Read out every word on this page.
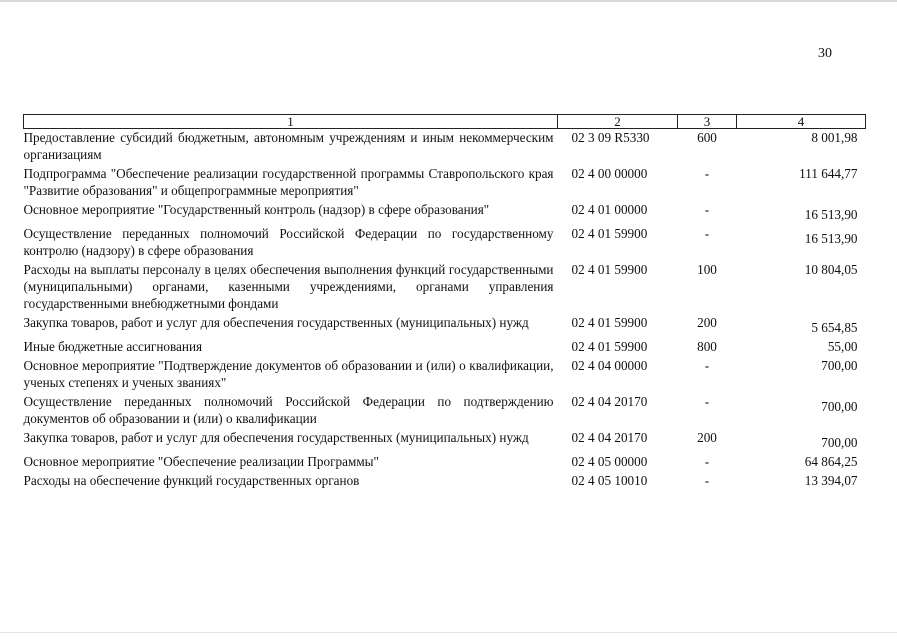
30
1	2	3	4
Предоставление субсидий бюджетным, автономным учреждениям и иным некоммерческим организациям	02 3 09 R5330	600	8 001,98
Подпрограмма "Обеспечение реализации государственной программы Ставропольского края "Развитие образования" и общепрограммные мероприятия"	02 4 00 00000	-	111 644,77
Основное мероприятие "Государственный контроль (надзор) в сфере образования"	02 4 01 00000	-	16 513,90
Осуществление переданных полномочий Российской Федерации по государственному контролю (надзору) в сфере образования	02 4 01 59900	-	16 513,90
Расходы на выплаты персоналу в целях обеспечения выполнения функций государственными (муниципальными) органами, казенными учреждениями, органами управления государственными внебюджетными фондами	02 4 01 59900	100	10 804,05
Закупка товаров, работ и услуг для обеспечения государственных (муниципальных) нужд	02 4 01 59900	200	5 654,85
Иные бюджетные ассигнования	02 4 01 59900	800	55,00
Основное мероприятие "Подтверждение документов об образовании и (или) о квалификации, ученых степенях и ученых званиях"	02 4 04 00000	-	700,00
Осуществление переданных полномочий Российской Федерации по подтверждению документов об образовании и (или) о квалификации	02 4 04 20170	-	700,00
Закупка товаров, работ и услуг для обеспечения государственных (муниципальных) нужд	02 4 04 20170	200	700,00
Основное мероприятие "Обеспечение реализации Программы"	02 4 05 00000	-	64 864,25
Расходы на обеспечение функций государственных органов	02 4 05 10010	-	13 394,07
